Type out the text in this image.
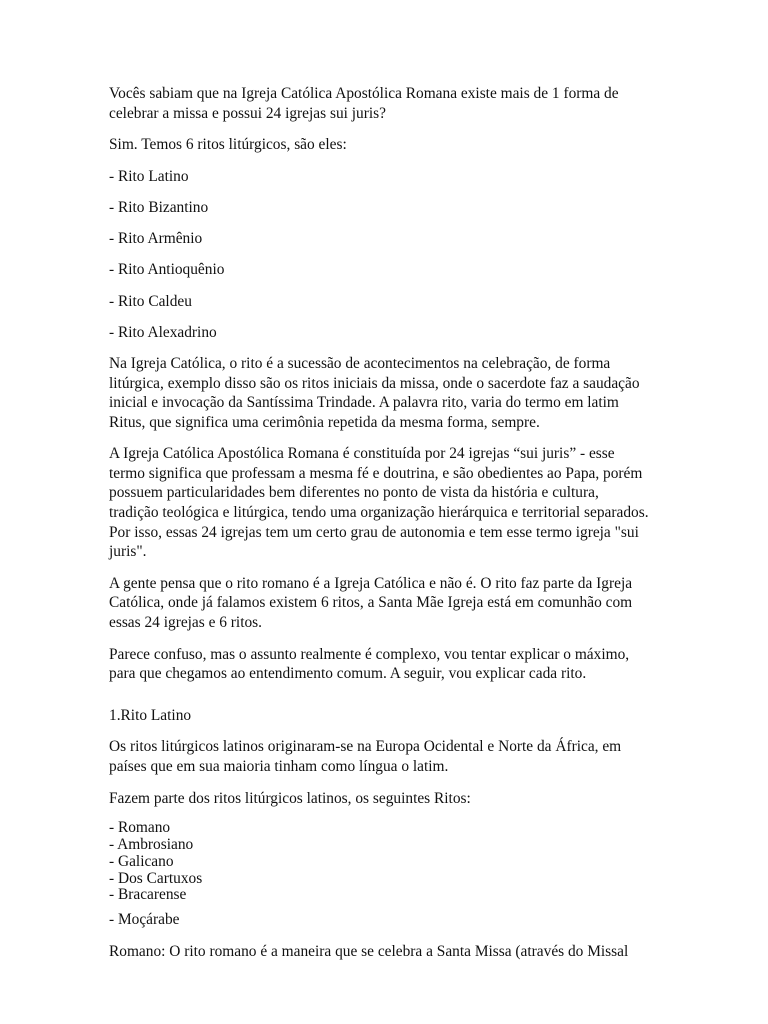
Vocês sabiam que na Igreja Católica Apostólica Romana existe mais de 1 forma de celebrar a missa e possui 24 igrejas sui juris?

Sim. Temos 6 ritos litúrgicos, são eles:

- Rito Latino

- Rito Bizantino

- Rito Armênio

- Rito Antioquênio

- Rito Caldeu

- Rito Alexadrino

Na Igreja Católica, o rito é a sucessão de acontecimentos na celebração, de forma litúrgica, exemplo disso são os ritos iniciais da missa, onde o sacerdote faz a saudação inicial e invocação da Santíssima Trindade. A palavra rito, varia do termo em latim Ritus, que significa uma cerimônia repetida da mesma forma, sempre.

A Igreja Católica Apostólica Romana é constituída por 24 igrejas “sui juris” - esse termo significa que professam a mesma fé e doutrina, e são obedientes ao Papa, porém possuem particularidades bem diferentes no ponto de vista da história e cultura, tradição teológica e litúrgica, tendo uma organização hierárquica e territorial separados. Por isso, essas 24 igrejas tem um certo grau de autonomia e tem esse termo igreja "sui juris".

A gente pensa que o rito romano é a Igreja Católica e não é. O rito faz parte da Igreja Católica, onde já falamos existem 6 ritos, a Santa Mãe Igreja está em comunhão com essas 24 igrejas e 6 ritos.

Parece confuso, mas o assunto realmente é complexo, vou tentar explicar o máximo, para que chegamos ao entendimento comum. A seguir, vou explicar cada rito.

1.Rito Latino

Os ritos litúrgicos latinos originaram-se na Europa Ocidental e Norte da África, em países que em sua maioria tinham como língua o latim.

Fazem parte dos ritos litúrgicos latinos, os seguintes Ritos:

- Romano
- Ambrosiano
- Galicano
- Dos Cartuxos
- Bracarense

- Moçárabe

Romano: O rito romano é a maneira que se celebra a Santa Missa (através do Missal
